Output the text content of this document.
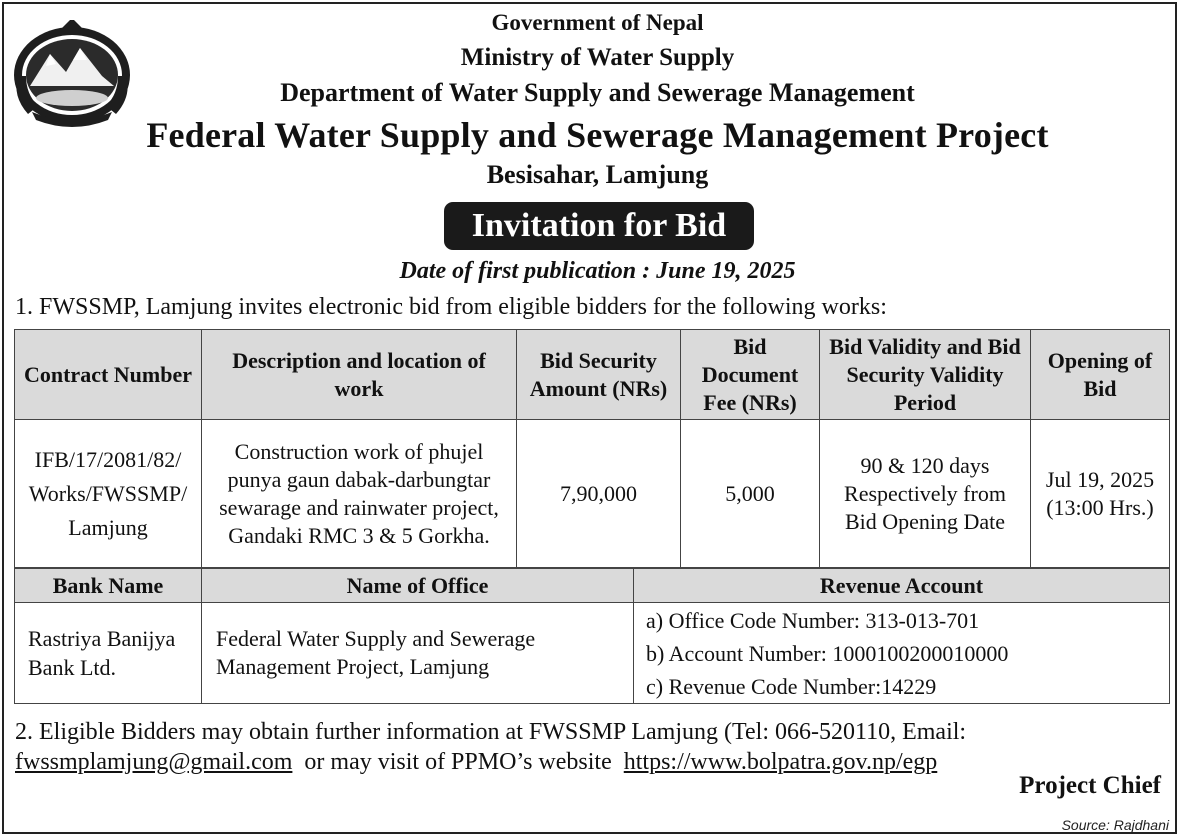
Government of Nepal
Ministry of Water Supply
Department of Water Supply and Sewerage Management
Federal Water Supply and Sewerage Management Project
Besisahar, Lamjung
Invitation for Bid
Date of first publication : June 19, 2025
1. FWSSMP, Lamjung invites electronic bid from eligible bidders for the following works:
Contract Number	Description and location of work	Bid Security Amount (NRs)	Bid Document Fee (NRs)	Bid Validity and Bid Security Validity Period	Opening of Bid
IFB/17/2081/82/ Works/FWSSMP/ Lamjung	Construction work of phujel punya gaun dabak-darbungtar sewarage and rainwater project, Gandaki RMC 3 & 5 Gorkha.	7,90,000	5,000	90 & 120 days Respectively from Bid Opening Date	Jul 19, 2025 (13:00 Hrs.)
Bank Name	Name of Office	Revenue Account
Rastriya Banijya Bank Ltd.	Federal Water Supply and Sewerage Management Project, Lamjung	a) Office Code Number: 313-013-701
b) Account Number: 1000100200010000
c) Revenue Code Number:14229
2. Eligible Bidders may obtain further information at FWSSMP Lamjung (Tel: 066-520110, Email:
fwssmplamjung@gmail.com or may visit of PPMO’s website https://www.bolpatra.gov.np/egp
Project Chief
Source: Rajdhani
